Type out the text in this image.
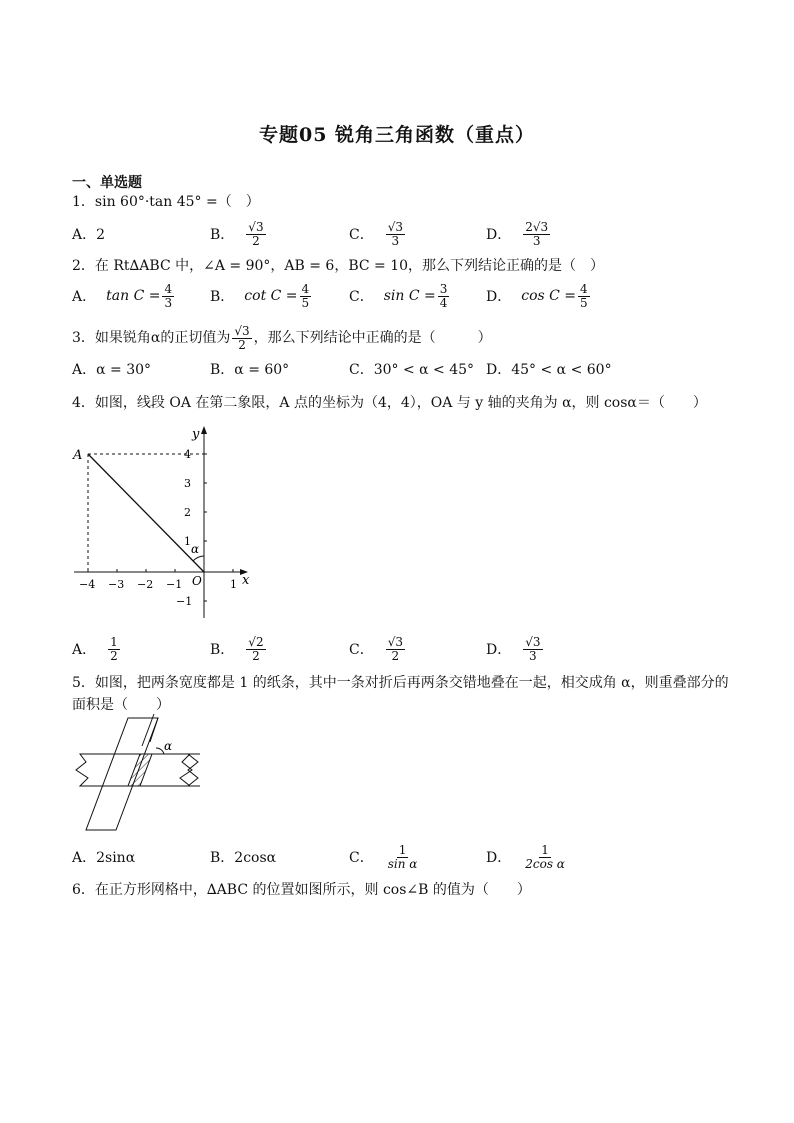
专题05 锐角三角函数（重点）
一、单选题
1．sin 60°·tan 45° =（　）
A．2	B． $\frac{√3}{2}$	C． $\frac{√3}{3}$	D． $\frac{2√3}{3}$
2．在 Rt∆ABC 中，∠A = 90°，AB = 6，BC = 10，那么下列结论正确的是（　）
A． $\tan C = \frac{4}{3}$	B． $\cot C = \frac{4}{5}$	C． $\sin C = \frac{3}{4}$	D． $\cos C = \frac{4}{5}$
3．如果锐角α的正切值为 $\frac{√3}{2}$ ，那么下列结论中正确的是（　　　）
A．α = 30°	B．α = 60°	C．30° < α < 45° D．45° < α < 60°
4．如图，线段 OA 在第二象限，A 点的坐标为（4，4），OA 与 y 轴的夹角为 α，则 cosα＝（　　）
A
y
x
O
α
4
3
2
1
−1
−4 −3 −2 −1	1
A． $\frac{1}{2}$	B． $\frac{√2}{2}$	C． $\frac{√3}{2}$	D． $\frac{√3}{3}$
5．如图，把两条宽度都是 1 的纸条，其中一条对折后再两条交错地叠在一起，相交成角 α，则重叠部分的
面积是（　　）
α
A．2sinα	B．2cosα	C． $\frac{1}{\text{sin α}}$	D． $\frac{1}{\text{2cos α}}$
6．在正方形网格中，∆ABC 的位置如图所示，则 cos∠B 的值为（　　）
